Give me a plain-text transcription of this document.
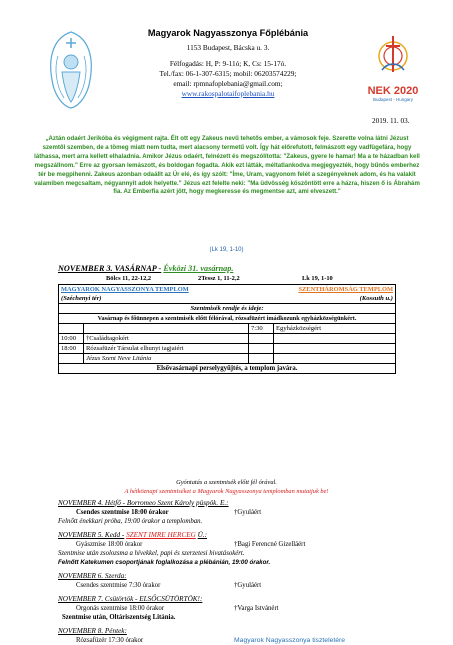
Magyarok Nagyasszonya Főplébánia
1153 Budapest, Bácska u. 3.
Félfogadás: H, P: 9-11ó; K, Cs: 15-17ó.
Tel./fax: 06-1-307-6315; mobil: 06203574229;
email: rpmnafoplebania@gmail.com;
www.rakospalotaifoplebania.hu	NEK 2020
Budapest - Hungary
2019. 11. 03.
„Aztán odaért Jerikóba és végigment rajta. Élt ott egy Zakeus nevű tehetős ember, a vámosok feje. Szerette volna látni Jézust szemtől szemben, de a tömeg miatt nem tudta, mert alacsony termetű volt. Így hát előrefutott, felmászott egy vadfügefára, hogy láthassa, mert arra kellett elhaladnia. Amikor Jézus odaért, felnézett és megszólította: "Zakeus, gyere le hamar! Ma a te házadban kell megszállnom." Erre az gyorsan lemászott, és boldogan fogadta. Akik ezt látták, méltatlankodva megjegyezték, hogy bűnös emberhez tér be megpihenni. Zakeus azonban odaállt az Úr elé, és így szólt: "Íme, Uram, vagyonom felét a szegényeknek adom, és ha valakit valamiben megcsaltam, négyannyit adok helyette." Jézus ezt felelte neki: "Ma üdvösség köszöntött erre a házra, hiszen ő is Ábrahám fia. Az Emberfia azért jött, hogy megkeresse és megmentse azt, ami elveszett."
(Lk 19, 1-10)
NOVEMBER 3. VASÁRNAP - Évközi 31. vasárnap.
Bölcs 11, 22-12,2	2Tessz 1, 11-2,2	Lk 19, 1-10
MAGYAROK NAGYASSZONYA TEMPLOM		SZENTHÁROMSÁG TEMPLOM	
(Széchenyi tér)		(Kossuth u.)	
Szentmisék rendje és ideje:			
Vasárnap és főünnepen a szentmisék előtt félórával, rózsafüzért imádkozunk egyházközségünkért.			
		7:30	Egyházközségért
10:00	†Családtagokért		
18:00	Rózsafüzér Társulat elhunyt tagjaiért		
	Jézus Szent Neve Litánia		
Elsővasárnapi perselygyűjtés, a templom javára.			
Gyóntatás a szentmisék előtt fél órával.
A hétköznapi szentmiséket a Magyarok Nagyasszonya templomban mutatjuk be!
NOVEMBER 4. Hétfő - Borromeo Szent Károly püspök. E.:
Csendes szentmise 18:00 órakor	†Gyuláért
Felnőtt énekkari próba, 19:00 órakor a templomban.
NOVEMBER 5. Kedd - SZENT IMRE HERCEG Ü.:
Gyászmise 18:00 órakor	†Bagi Ferencné Gizelláért
Szentmise után zsolozsma a hívekkel, papi és szerzetesi hivatásokért.
Felnőtt Katekumen csoportjának foglalkozása a plébánián, 19:00 órakor.
NOVEMBER 6. Szerda:
Csendes szentmise 7:30 órakor	†Gyuláért
NOVEMBER 7. Csütörtök - ELSŐCSÜTÖRTÖK!:
Orgonás szentmise 18:00 órakor	†Varga Istvánért
Szentmise után, Oltáriszentség Litánia.
NOVEMBER 8. Péntek:
Rózsafüzér 17:30 órakor	Magyarok Nagyasszonya tiszteletére
